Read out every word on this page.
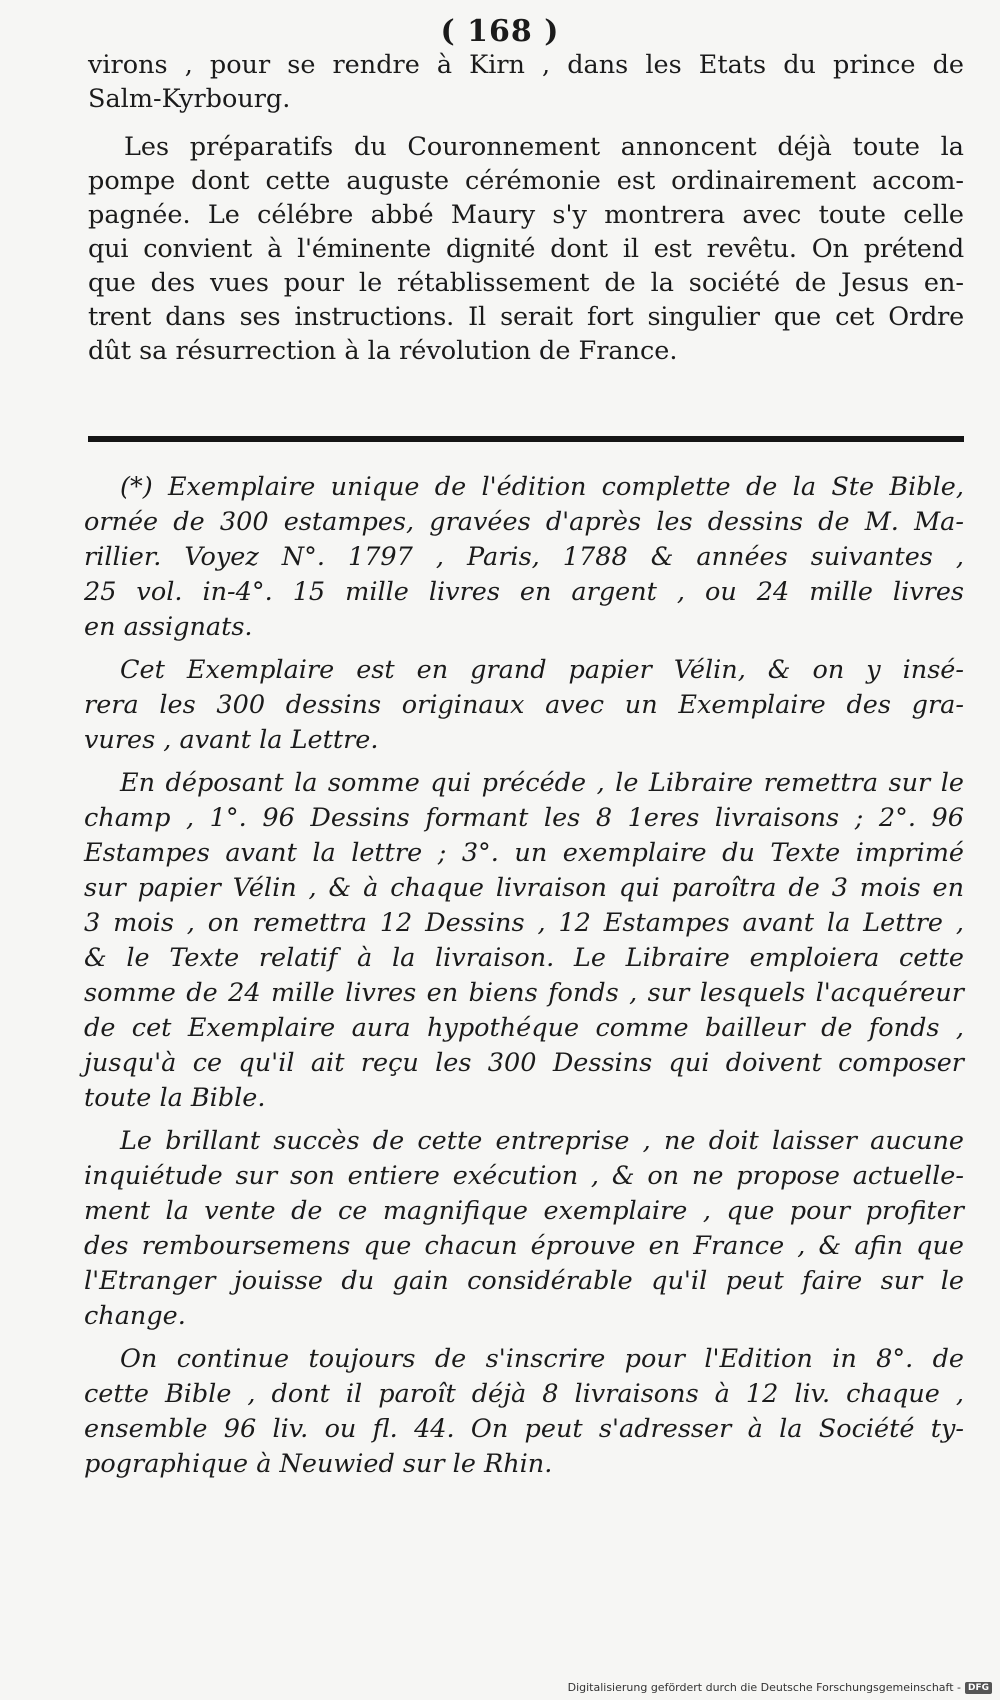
( 168 )
virons , pour se rendre à Kirn , dans les Etats du prince de
Salm-Kyrbourg.
Les préparatifs du Couronnement annoncent déjà toute la
pompe dont cette auguste cérémonie est ordinairement accom-
pagnée. Le célébre abbé Maury s'y montrera avec toute celle
qui convient à l'éminente dignité dont il est revêtu. On prétend
que des vues pour le rétablissement de la société de Jesus en-
trent dans ses instructions. Il serait fort singulier que cet Ordre
dût sa résurrection à la révolution de France.
(*) Exemplaire unique de l'édition complette de la Ste Bible,
ornée de 300 estampes, gravées d'après les dessins de M. Ma-
rillier. Voyez N°. 1797 , Paris, 1788 & années suivantes ,
25 vol. in-4°. 15 mille livres en argent , ou 24 mille livres
en assignats.
Cet Exemplaire est en grand papier Vélin, & on y insé-
rera les 300 dessins originaux avec un Exemplaire des gra-
vures , avant la Lettre.
En déposant la somme qui précéde , le Libraire remettra sur le
champ , 1°. 96 Dessins formant les 8 1eres livraisons ; 2°. 96
Estampes avant la lettre ; 3°. un exemplaire du Texte imprimé
sur papier Vélin , & à chaque livraison qui paroîtra de 3 mois en
3 mois , on remettra 12 Dessins , 12 Estampes avant la Lettre ,
& le Texte relatif à la livraison. Le Libraire emploiera cette
somme de 24 mille livres en biens fonds , sur lesquels l'acquéreur
de cet Exemplaire aura hypothéque comme bailleur de fonds ,
jusqu'à ce qu'il ait reçu les 300 Dessins qui doivent composer
toute la Bible.
Le brillant succès de cette entreprise , ne doit laisser aucune
inquiétude sur son entiere exécution , & on ne propose actuelle-
ment la vente de ce magnifique exemplaire , que pour profiter
des remboursemens que chacun éprouve en France , & afin que
l'Etranger jouisse du gain considérable qu'il peut faire sur le
change.
On continue toujours de s'inscrire pour l'Edition in 8°. de
cette Bible , dont il paroît déjà 8 livraisons à 12 liv. chaque ,
ensemble 96 liv. ou fl. 44. On peut s'adresser à la Société ty-
pographique à Neuwied sur le Rhin.
Digitalisierung gefördert durch die Deutsche Forschungsgemeinschaft - DFG
